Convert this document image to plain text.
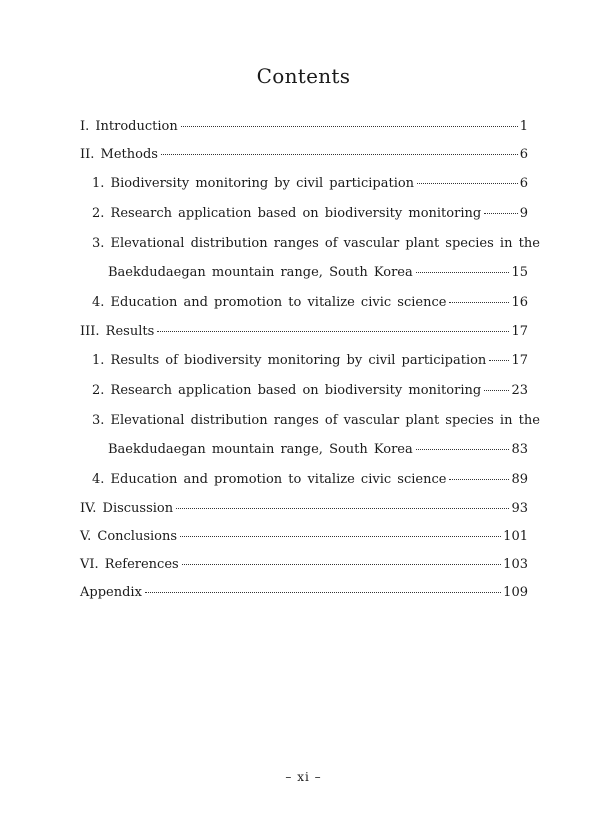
Contents
I. Introduction	1
II. Methods	6
1. Biodiversity monitoring by civil participation	6
2. Research application based on biodiversity monitoring	9
3. Elevational distribution ranges of vascular plant species in the
Baekdudaegan mountain range, South Korea	15
4. Education and promotion to vitalize civic science	16
III. Results	17
1. Results of biodiversity monitoring by civil participation 17
2. Research application based on biodiversity monitoring 23
3. Elevational distribution ranges of vascular plant species in the
Baekdudaegan mountain range, South Korea	83
4. Education and promotion to vitalize civic science	89
IV. Discussion	93
V. Conclusions	101
VI. References	103
Appendix	109
– xi –
